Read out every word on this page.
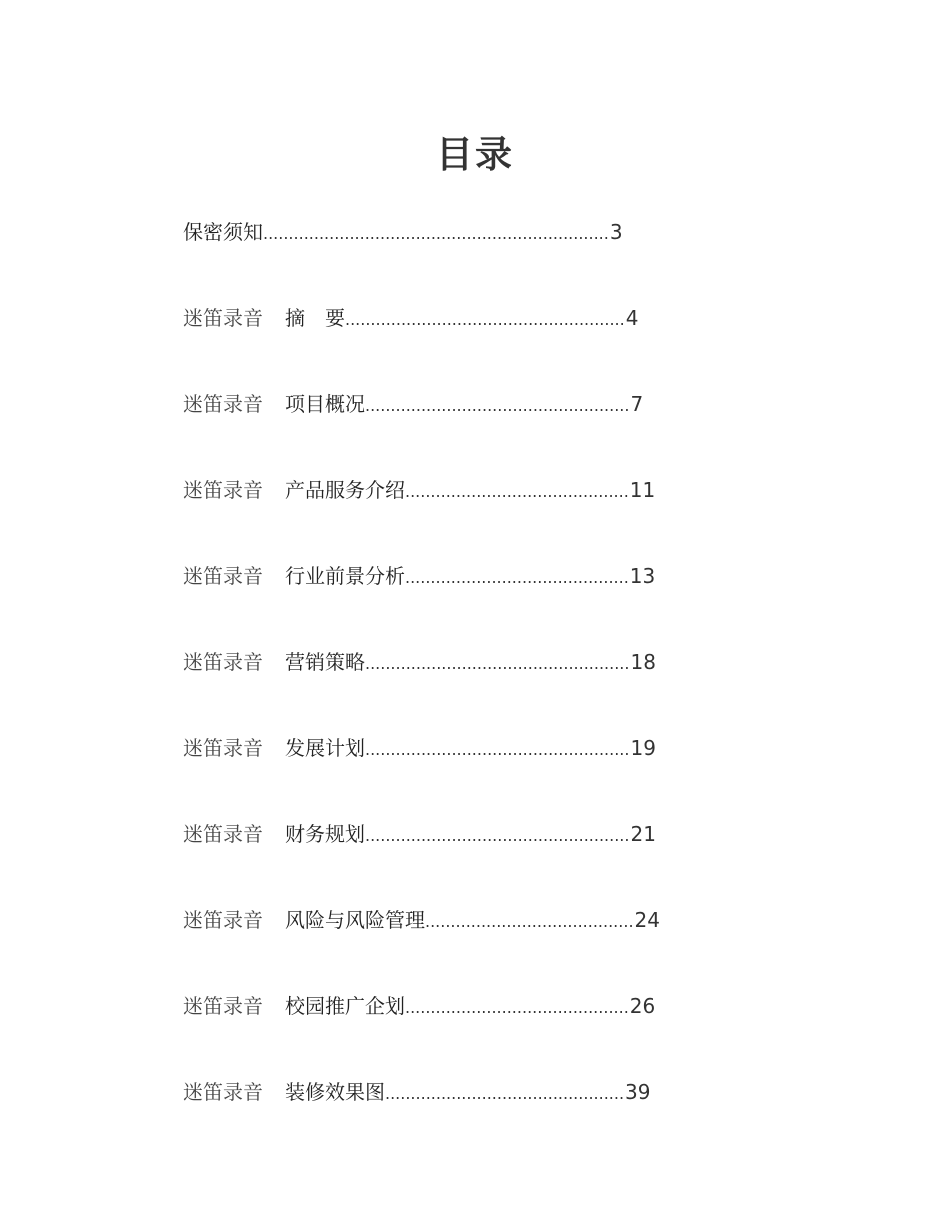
目录
保密须知 .................................................................... 3
迷笛录音 摘　要 ....................................................... 4
迷笛录音 项目概况 .................................................... 7
迷笛录音 产品服务介绍 ............................................ 11
迷笛录音 行业前景分析 ............................................ 13
迷笛录音 营销策略 .................................................... 18
迷笛录音 发展计划 .................................................... 19
迷笛录音 财务规划 .................................................... 21
迷笛录音 风险与风险管理 ......................................... 24
迷笛录音 校园推广企划 ............................................ 26
迷笛录音 装修效果图 ............................................... 39
